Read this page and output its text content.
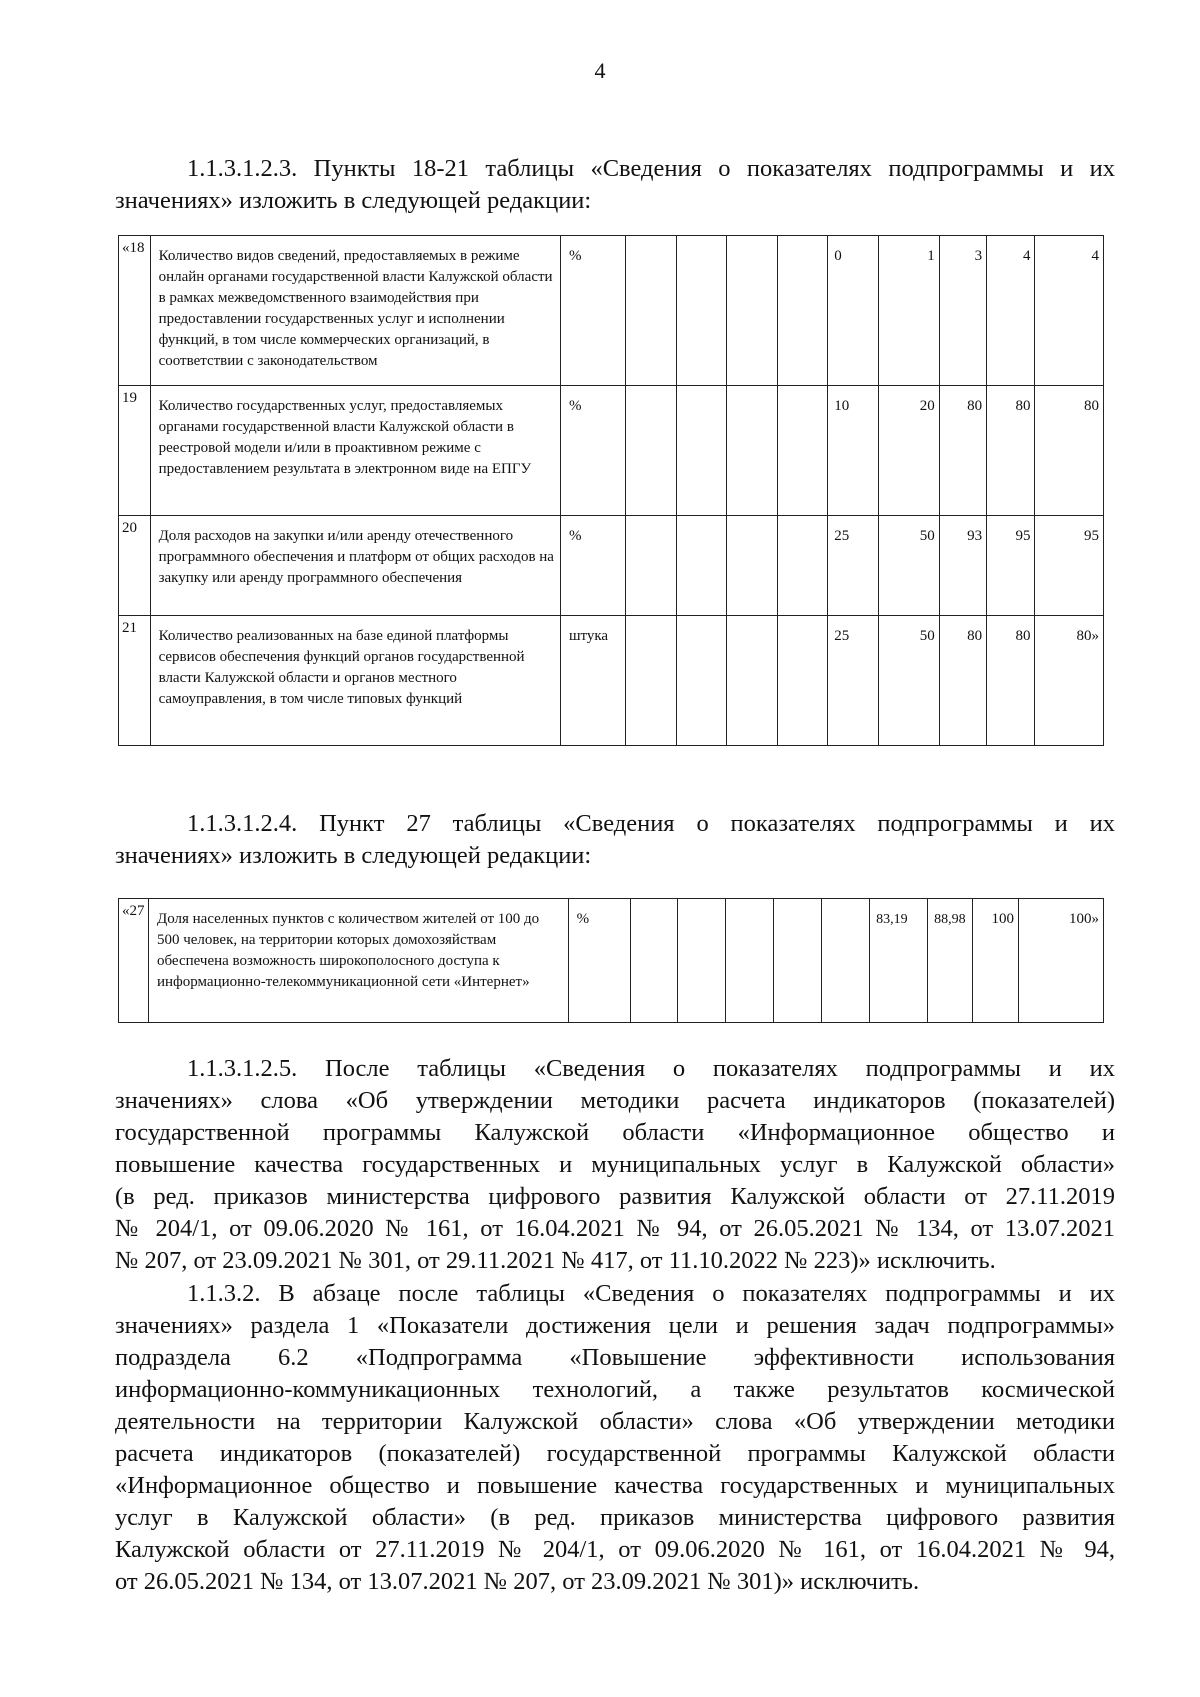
4
1.1.3.1.2.3. Пункты 18-21 таблицы «Сведения о показателях подпрограммы и их
значениях» изложить в следующей редакции:
«18	Количество видов сведений, предоставляемых в режиме онлайн органами государственной власти Калужской области в рамках межведомственного взаимодействия при предоставлении государственных услуг и исполнении функций, в том числе коммерческих организаций, в соответствии с законодательством	%					0	1	3	4	4
19	Количество государственных услуг, предоставляемых органами государственной власти Калужской области в реестровой модели и/или в проактивном режиме с предоставлением результата в электронном виде на ЕПГУ	%					10	20	80	80	80
20	Доля расходов на закупки и/или аренду отечественного программного обеспечения и платформ от общих расходов на закупку или аренду программного обеспечения	%					25	50	93	95	95
21	Количество реализованных на базе единой платформы сервисов обеспечения функций органов государственной власти Калужской области и органов местного самоуправления, в том числе типовых функций	штука					25	50	80	80	80»
1.1.3.1.2.4. Пункт 27 таблицы «Сведения о показателях подпрограммы и их
значениях» изложить в следующей редакции:
«27	Доля населенных пунктов с количеством жителей от 100 до 500 человек, на территории которых домохозяйствам обеспечена возможность широкополосного доступа к информационно-телекоммуникационной сети «Интернет»	%						83,19	88,98	100	100»
1.1.3.1.2.5. После таблицы «Сведения о показателях подпрограммы и их
значениях» слова «Об утверждении методики расчета индикаторов (показателей)
государственной программы Калужской области «Информационное общество и
повышение качества государственных и муниципальных услуг в Калужской области»
(в ред. приказов министерства цифрового развития Калужской области от 27.11.2019
№ 204/1, от 09.06.2020 № 161, от 16.04.2021 № 94, от 26.05.2021 № 134, от 13.07.2021
№ 207, от 23.09.2021 № 301, от 29.11.2021 № 417, от 11.10.2022 № 223)» исключить.
1.1.3.2. В абзаце после таблицы «Сведения о показателях подпрограммы и их
значениях» раздела 1 «Показатели достижения цели и решения задач подпрограммы»
подраздела 6.2 «Подпрограмма «Повышение эффективности использования
информационно-коммуникационных технологий, а также результатов космической
деятельности на территории Калужской области» слова «Об утверждении методики
расчета индикаторов (показателей) государственной программы Калужской области
«Информационное общество и повышение качества государственных и муниципальных
услуг в Калужской области» (в ред. приказов министерства цифрового развития
Калужской области от 27.11.2019 № 204/1, от 09.06.2020 № 161, от 16.04.2021 № 94,
от 26.05.2021 № 134, от 13.07.2021 № 207, от 23.09.2021 № 301)» исключить.
